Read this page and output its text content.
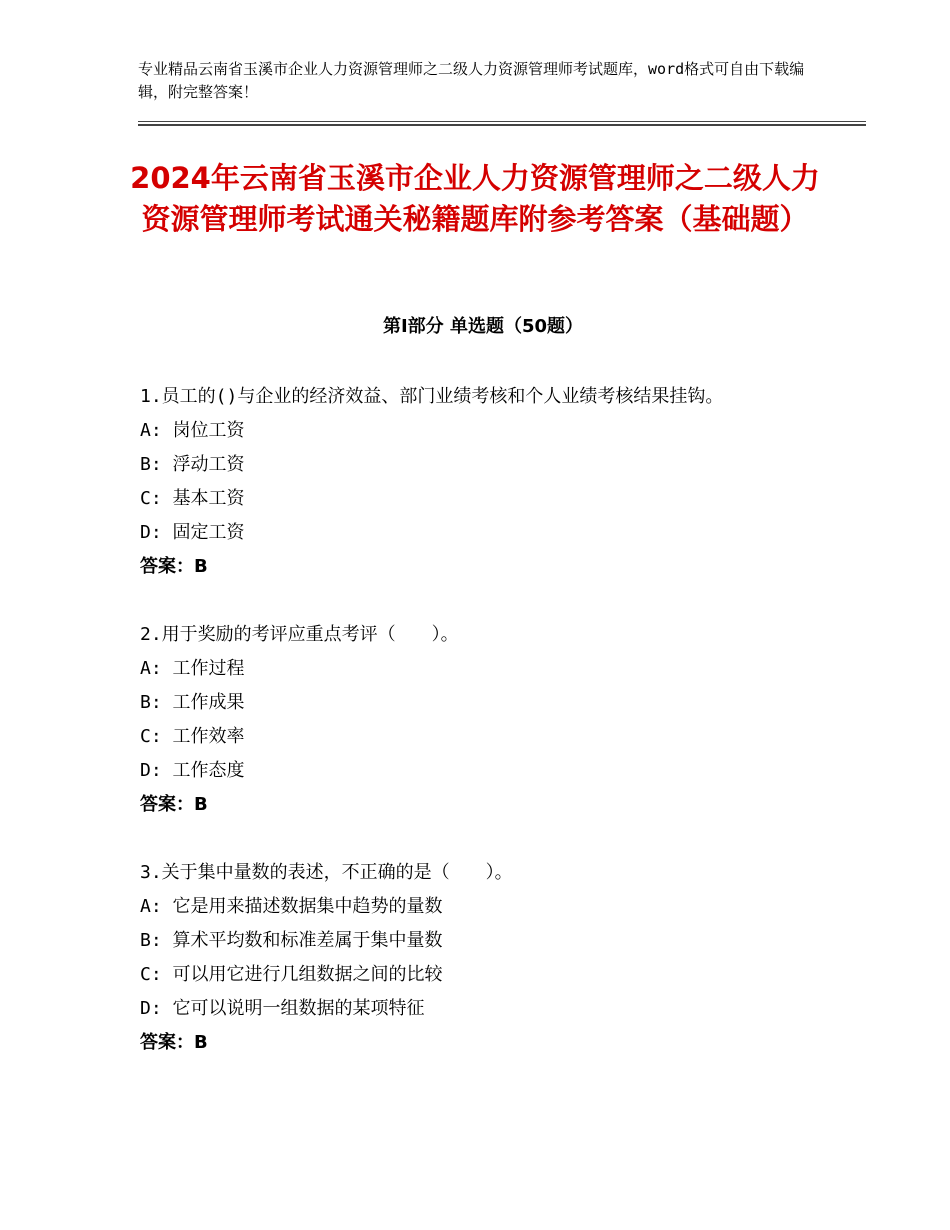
专业精品云南省玉溪市企业人力资源管理师之二级人力资源管理师考试题库，word格式可自由下载编辑，附完整答案！
2024年云南省玉溪市企业人力资源管理师之二级人力资源管理师考试通关秘籍题库附参考答案（基础题）
第Ⅰ部分 单选题（50题）
1.员工的()与企业的经济效益、部门业绩考核和个人业绩考核结果挂钩。
A: 岗位工资
B: 浮动工资
C: 基本工资
D: 固定工资
答案：B
2.用于奖励的考评应重点考评（　　）。
A: 工作过程
B: 工作成果
C: 工作效率
D: 工作态度
答案：B
3.关于集中量数的表述，不正确的是（　　）。
A: 它是用来描述数据集中趋势的量数
B: 算术平均数和标准差属于集中量数
C: 可以用它进行几组数据之间的比较
D: 它可以说明一组数据的某项特征
答案：B
